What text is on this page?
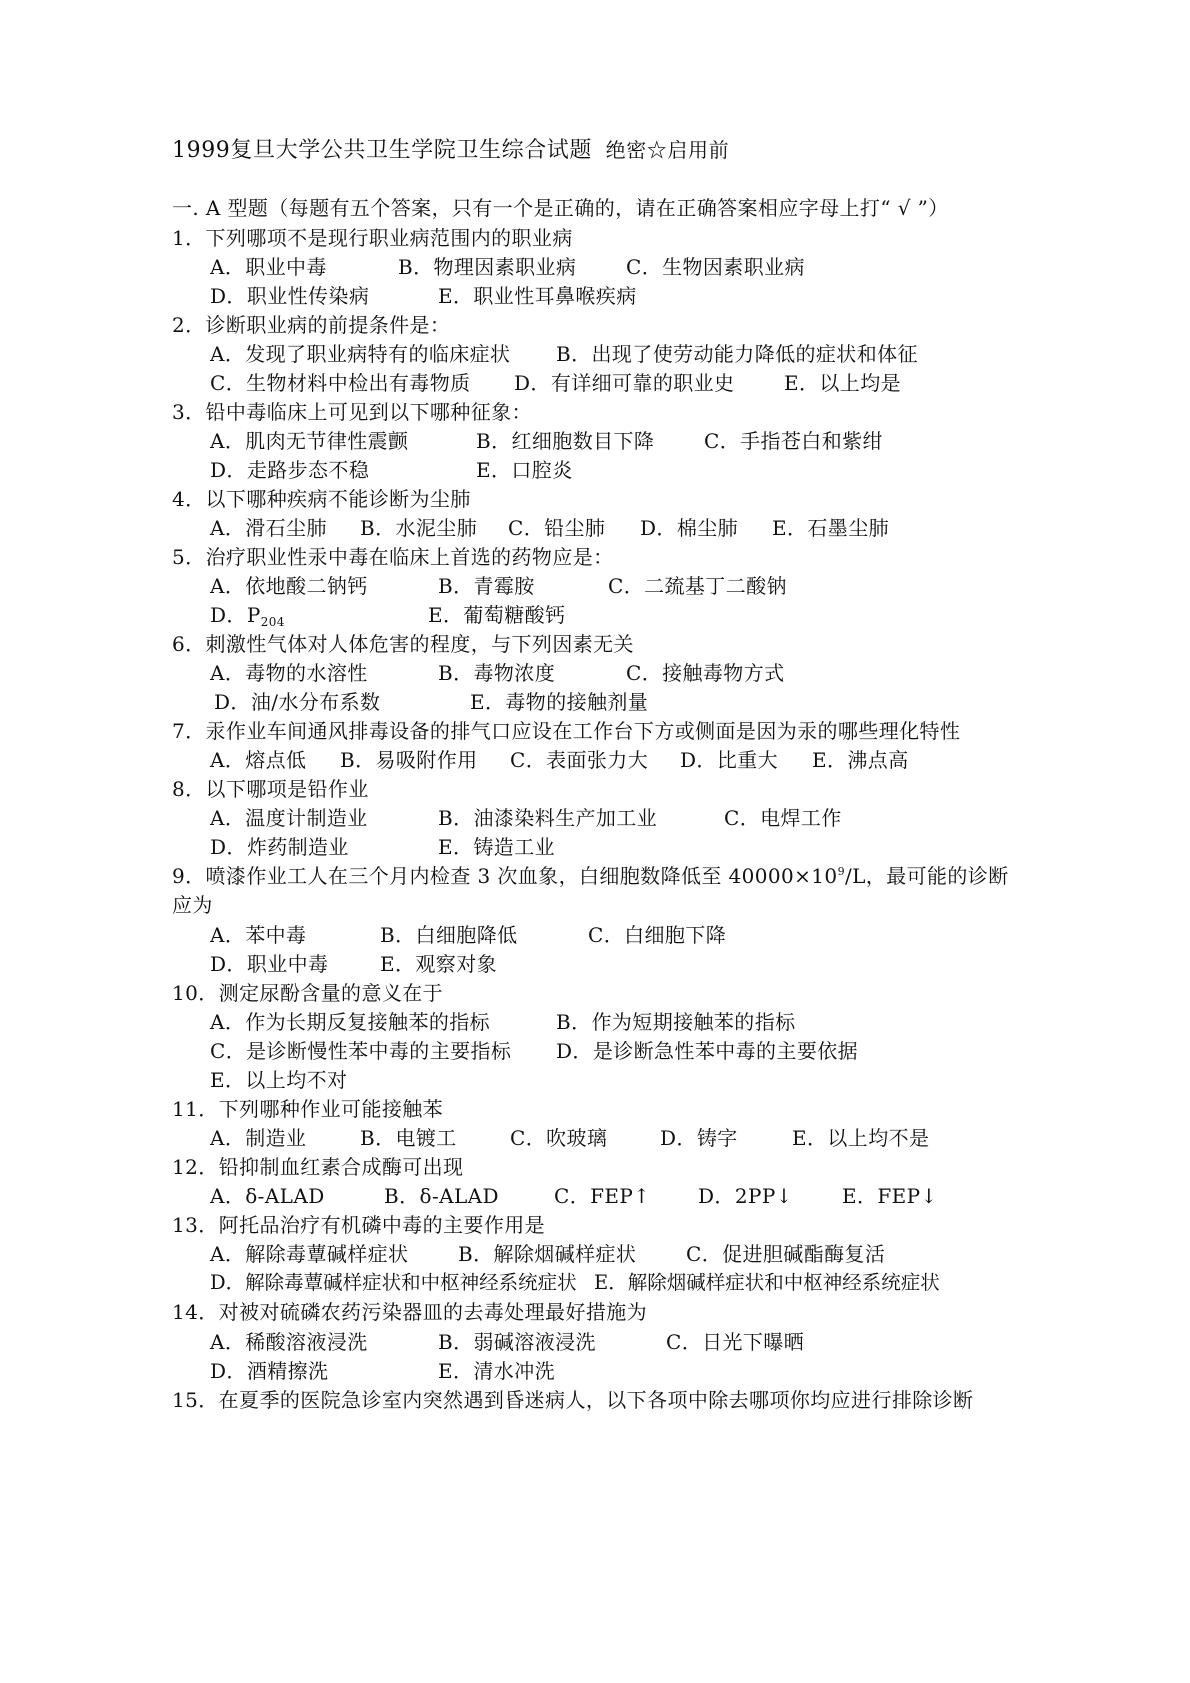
1999复旦大学公共卫生学院卫生综合试题 绝密☆启用前
一. A 型题（每题有五个答案，只有一个是正确的，请在正确答案相应字母上打“ √ ”）
1．下列哪项不是现行职业病范围内的职业病
A．职业中毒	B．物理因素职业病 C．生物因素职业病
D．职业性传染病	E．职业性耳鼻喉疾病
2．诊断职业病的前提条件是：
A．发现了职业病特有的临床症状 B．出现了使劳动能力降低的症状和体征
C．生物材料中检出有毒物质 D．有详细可靠的职业史 E．以上均是
3．铅中毒临床上可见到以下哪种征象：
A．肌肉无节律性震颤	B．红细胞数目下降 C．手指苍白和紫绀
D．走路步态不稳	E．口腔炎
4．以下哪种疾病不能诊断为尘肺
A．滑石尘肺 B．水泥尘肺 C．铅尘肺 D．棉尘肺 E．石墨尘肺
5．治疗职业性汞中毒在临床上首选的药物应是：
A．依地酸二钠钙	B．青霉胺	C．二巯基丁二酸钠
D．$P_{204}$	E．葡萄糖酸钙
6．刺激性气体对人体危害的程度，与下列因素无关
A．毒物的水溶性	B．毒物浓度	C．接触毒物方式
D．油/水分布系数	E．毒物的接触剂量
7．汞作业车间通风排毒设备的排气口应设在工作台下方或侧面是因为汞的哪些理化特性
A．熔点低 B．易吸附作用 C．表面张力大 D．比重大 E．沸点高
8．以下哪项是铅作业
A．温度计制造业	B．油漆染料生产加工业	C．电焊工作
D．炸药制造业	E．铸造工业
9．喷漆作业工人在三个月内检查 3 次血象，白细胞数降低至 $40000\times 10^9/L$，最可能的诊断
应为
A．苯中毒	B．白细胞降低	C．白细胞下降
D．职业中毒	E．观察对象
10．测定尿酚含量的意义在于
A．作为长期反复接触苯的指标	B．作为短期接触苯的指标
C．是诊断慢性苯中毒的主要指标 D．是诊断急性苯中毒的主要依据
E．以上均不对
11．下列哪种作业可能接触苯
A．制造业	B．电镀工	C．吹玻璃	D．铸字	E．以上均不是
12．铅抑制血红素合成酶可出现
A．δ-ALAD	B．δ-ALAD	C．FEP↑ D．2PP↓ E．FEP↓
13．阿托品治疗有机磷中毒的主要作用是
A．解除毒蕈碱样症状 B．解除烟碱样症状 C．促进胆碱酯酶复活
D．解除毒蕈碱样症状和中枢神经系统症状 E．解除烟碱样症状和中枢神经系统症状
14．对被对硫磷农药污染器皿的去毒处理最好措施为
A．稀酸溶液浸洗	B．弱碱溶液浸洗	C．日光下曝晒
D．酒精擦洗	E．清水冲洗
15．在夏季的医院急诊室内突然遇到昏迷病人，以下各项中除去哪项你均应进行排除诊断
